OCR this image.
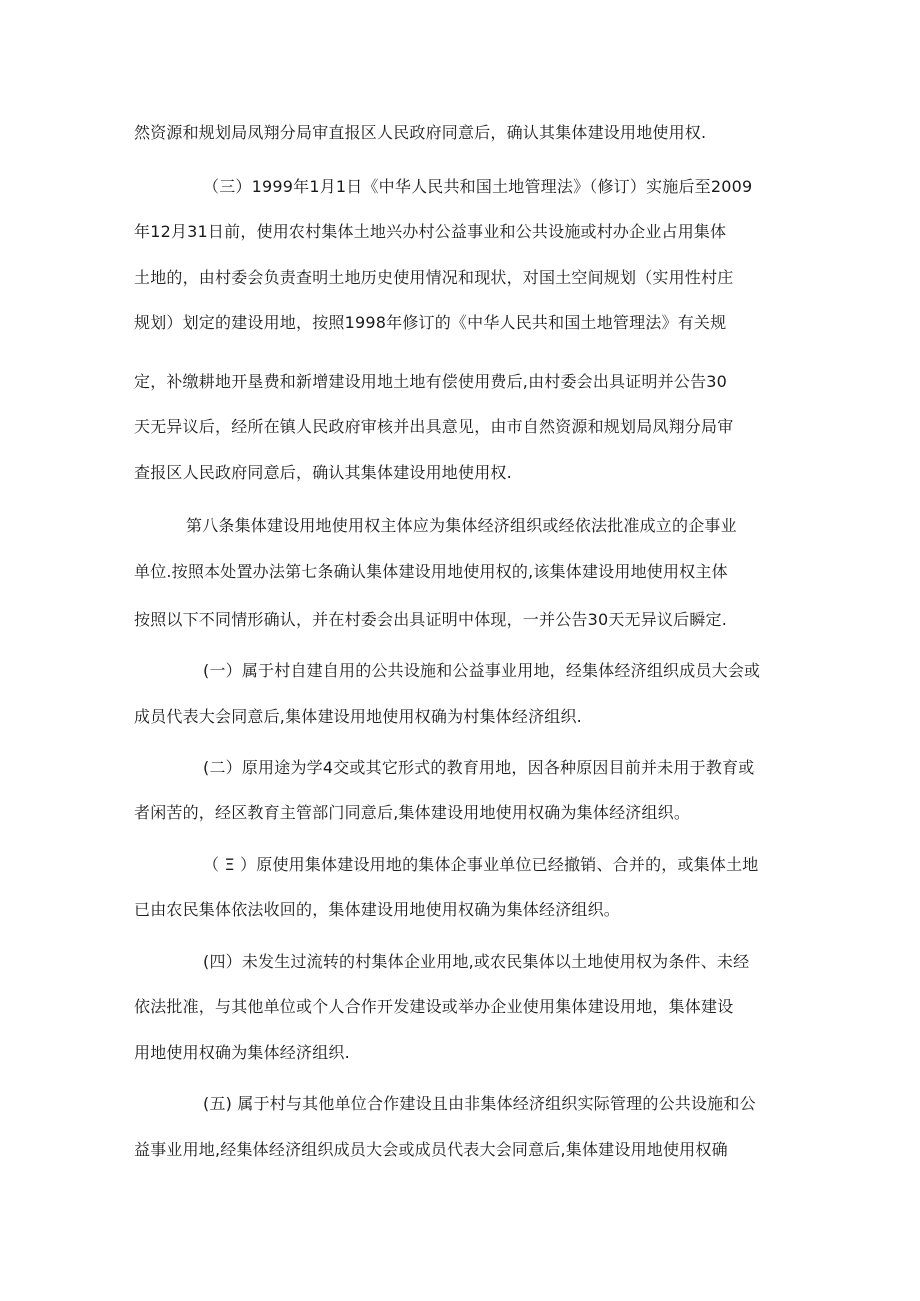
然资源和规划局凤翔分局审直报区人民政府同意后，确认其集体建设用地使用权.
（三）1999年1月1日《中华人民共和国土地管理法》（修订）实施后至2009
年12月31日前，使用农村集体土地兴办村公益事业和公共设施或村办企业占用集体
土地的，由村委会负责查明土地历史使用情况和现状，对国土空间规划（实用性村庄
规划）划定的建设用地，按照1998年修订的《中华人民共和国土地管理法》有关规
定，补缴耕地开垦费和新增建设用地土地有偿使用费后,由村委会出具证明并公告30
天无异议后，经所在镇人民政府审核并出具意见，由市自然资源和规划局凤翔分局审
查报区人民政府同意后，确认其集体建设用地使用权.
第八条集体建设用地使用权主体应为集体经济组织或经依法批准成立的企事业
单位.按照本处置办法第七条确认集体建设用地使用权的,该集体建设用地使用权主体
按照以下不同情形确认，并在村委会出具证明中体现，一并公告30天无异议后瞬定.
(一）属于村自建自用的公共设施和公益事业用地，经集体经济组织成员大会或
成员代表大会同意后,集体建设用地使用权确为村集体经济组织.
(二）原用途为学4交或其它形式的教育用地，因各种原因目前并未用于教育或
者闲苦的，经区教育主管部门同意后,集体建设用地使用权确为集体经济组织。
（ Ξ ）原使用集体建设用地的集体企事业单位已经撤销、合并的，或集体土地
已由农民集体依法收回的，集体建设用地使用权确为集体经济组织。
(四）未发生过流转的村集体企业用地,或农民集体以土地使用权为条件、未经
依法批准，与其他单位或个人合作开发建设或举办企业使用集体建设用地，集体建设
用地使用权确为集体经济组织.
(五) 属于村与其他单位合作建设且由非集体经济组织实际管理的公共设施和公
益事业用地,经集体经济组织成员大会或成员代表大会同意后,集体建设用地使用权确
